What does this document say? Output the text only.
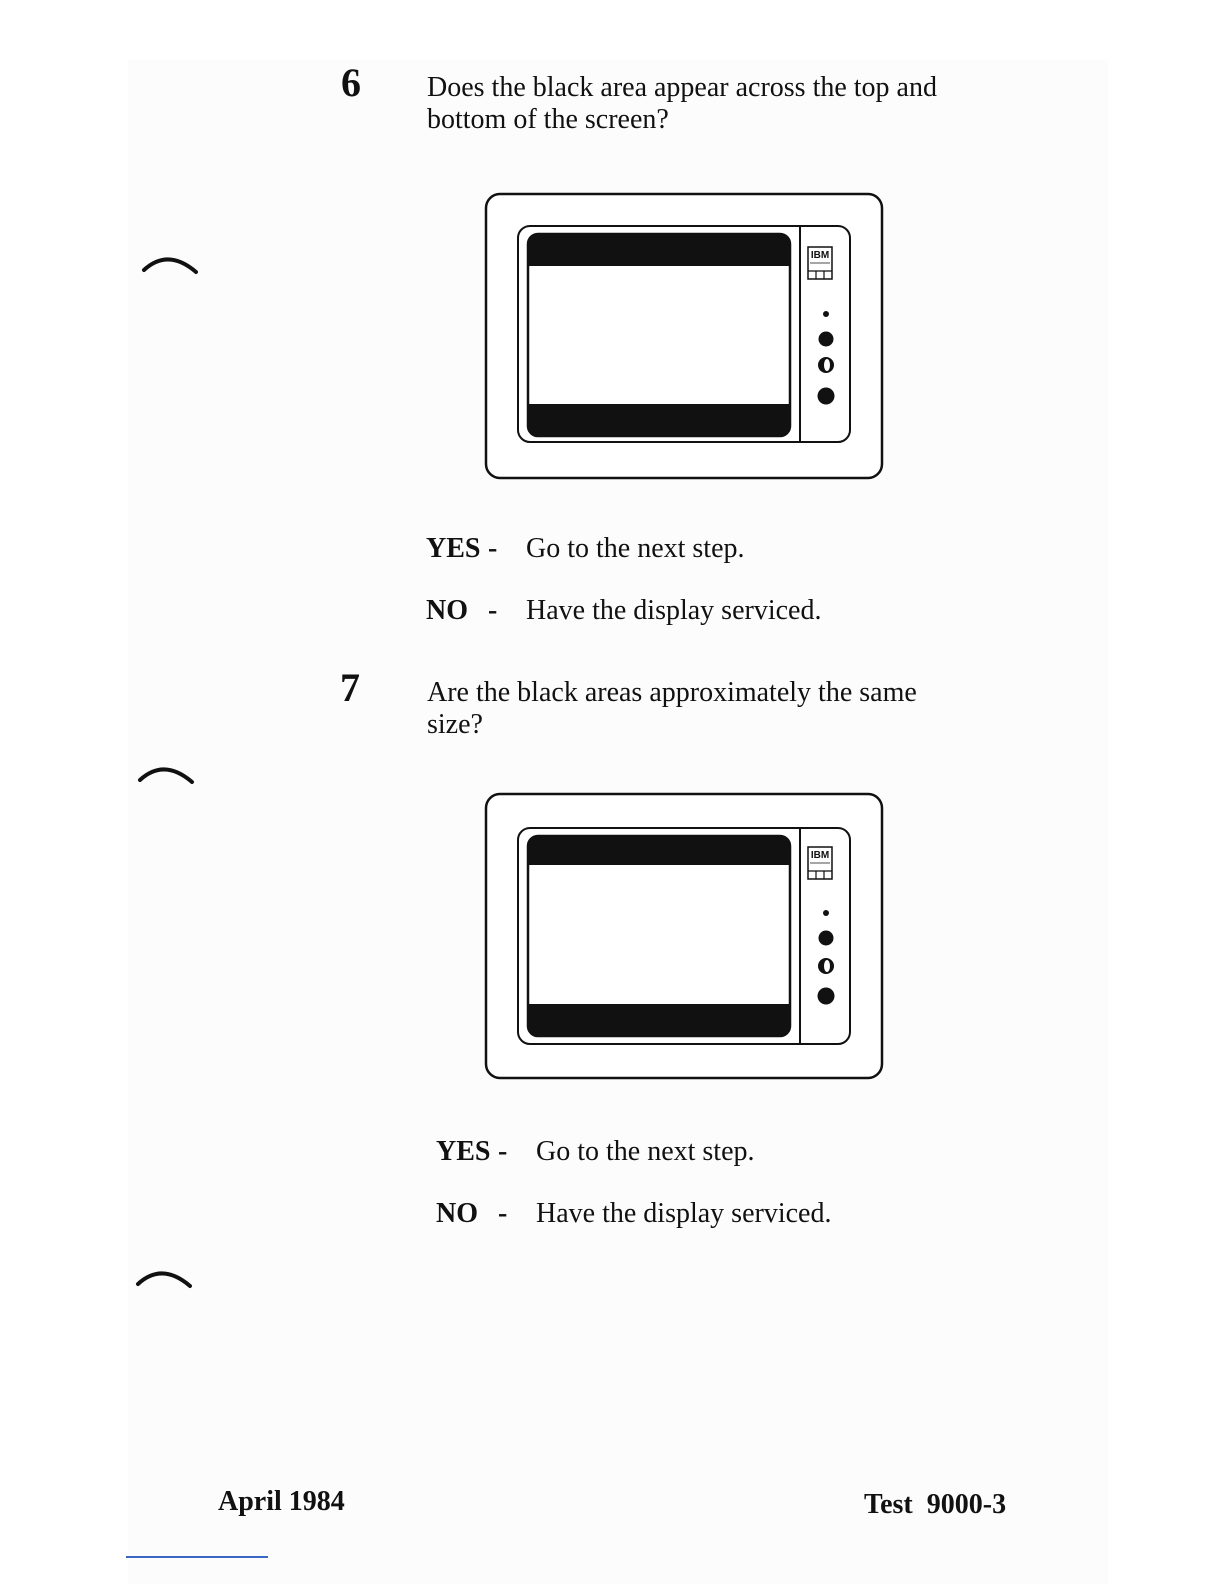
6 Does the black area appear across the top and
bottom of the screen?
IBM
YES - Go to the next step.
NO - Have the display serviced.
7 Are the black areas approximately the same
size?
IBM
YES - Go to the next step.
NO - Have the display serviced.
April 1984	Test  9000-3
